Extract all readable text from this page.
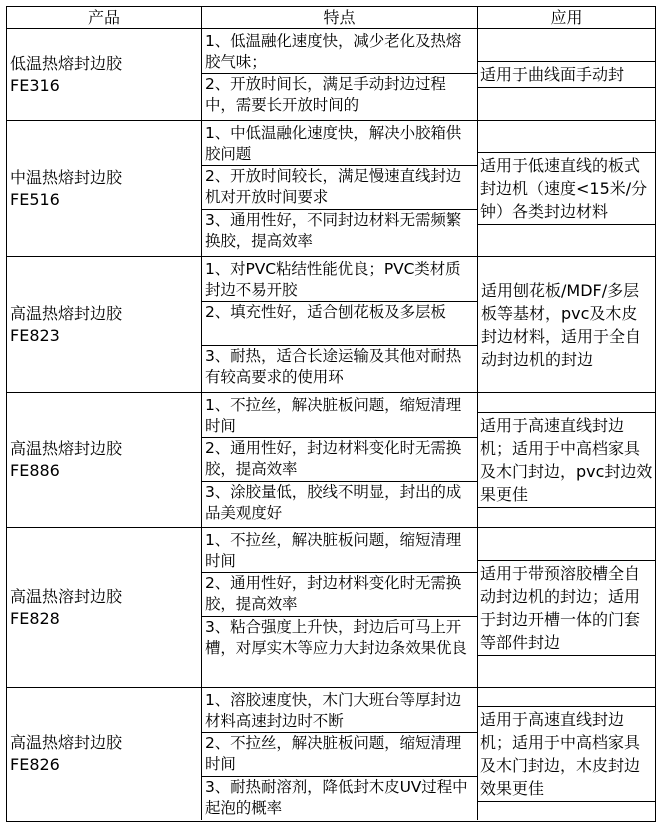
产品	特点	应用
低温热熔封边胶
FE316
1、低温融化速度快，减少老化及热熔胶气味；
2、开放时间长，满足手动封边过程中，需要长开放时间的
适用于曲线面手动封
中温热熔封边胶
FE516
1、中低温融化速度快，解决小胶箱供胶问题
2、开放时间较长，满足慢速直线封边机对开放时间要求
3、通用性好，不同封边材料无需频繁换胶，提高效率
适用于低速直线的板式封边机（速度<15米/分钟）各类封边材料
高温热熔封边胶
FE823
1、对PVC粘结性能优良；PVC类材质封边不易开胶
2、填充性好，适合刨花板及多层板
3、耐热，适合长途运输及其他对耐热有较高要求的使用环
适用刨花板/MDF/多层板等基材，pvc及木皮封边材料，适用于全自动封边机的封边
高温热熔封边胶
FE886
1、不拉丝，解决脏板问题，缩短清理时间
2、通用性好，封边材料变化时无需换胶，提高效率
3、涂胶量低，胶线不明显，封出的成品美观度好
适用于高速直线封边机；适用于中高档家具及木门封边，pvc封边效果更佳
高温热溶封边胶
FE828
1、不拉丝，解决脏板问题，缩短清理时间
2、通用性好，封边材料变化时无需换胶，提高效率
3、粘合强度上升快，封边后可马上开槽，对厚实木等应力大封边条效果优良
适用于带预溶胶槽全自动封边机的封边；适用于封边开槽一体的门套等部件封边
高温热熔封边胶
FE826
1、溶胶速度快，木门大班台等厚封边材料高速封边时不断
2、不拉丝，解决脏板问题，缩短清理时间
3、耐热耐溶剂，降低封木皮UV过程中起泡的概率
适用于高速直线封边机；适用于中高档家具及木门封边，木皮封边效果更佳
